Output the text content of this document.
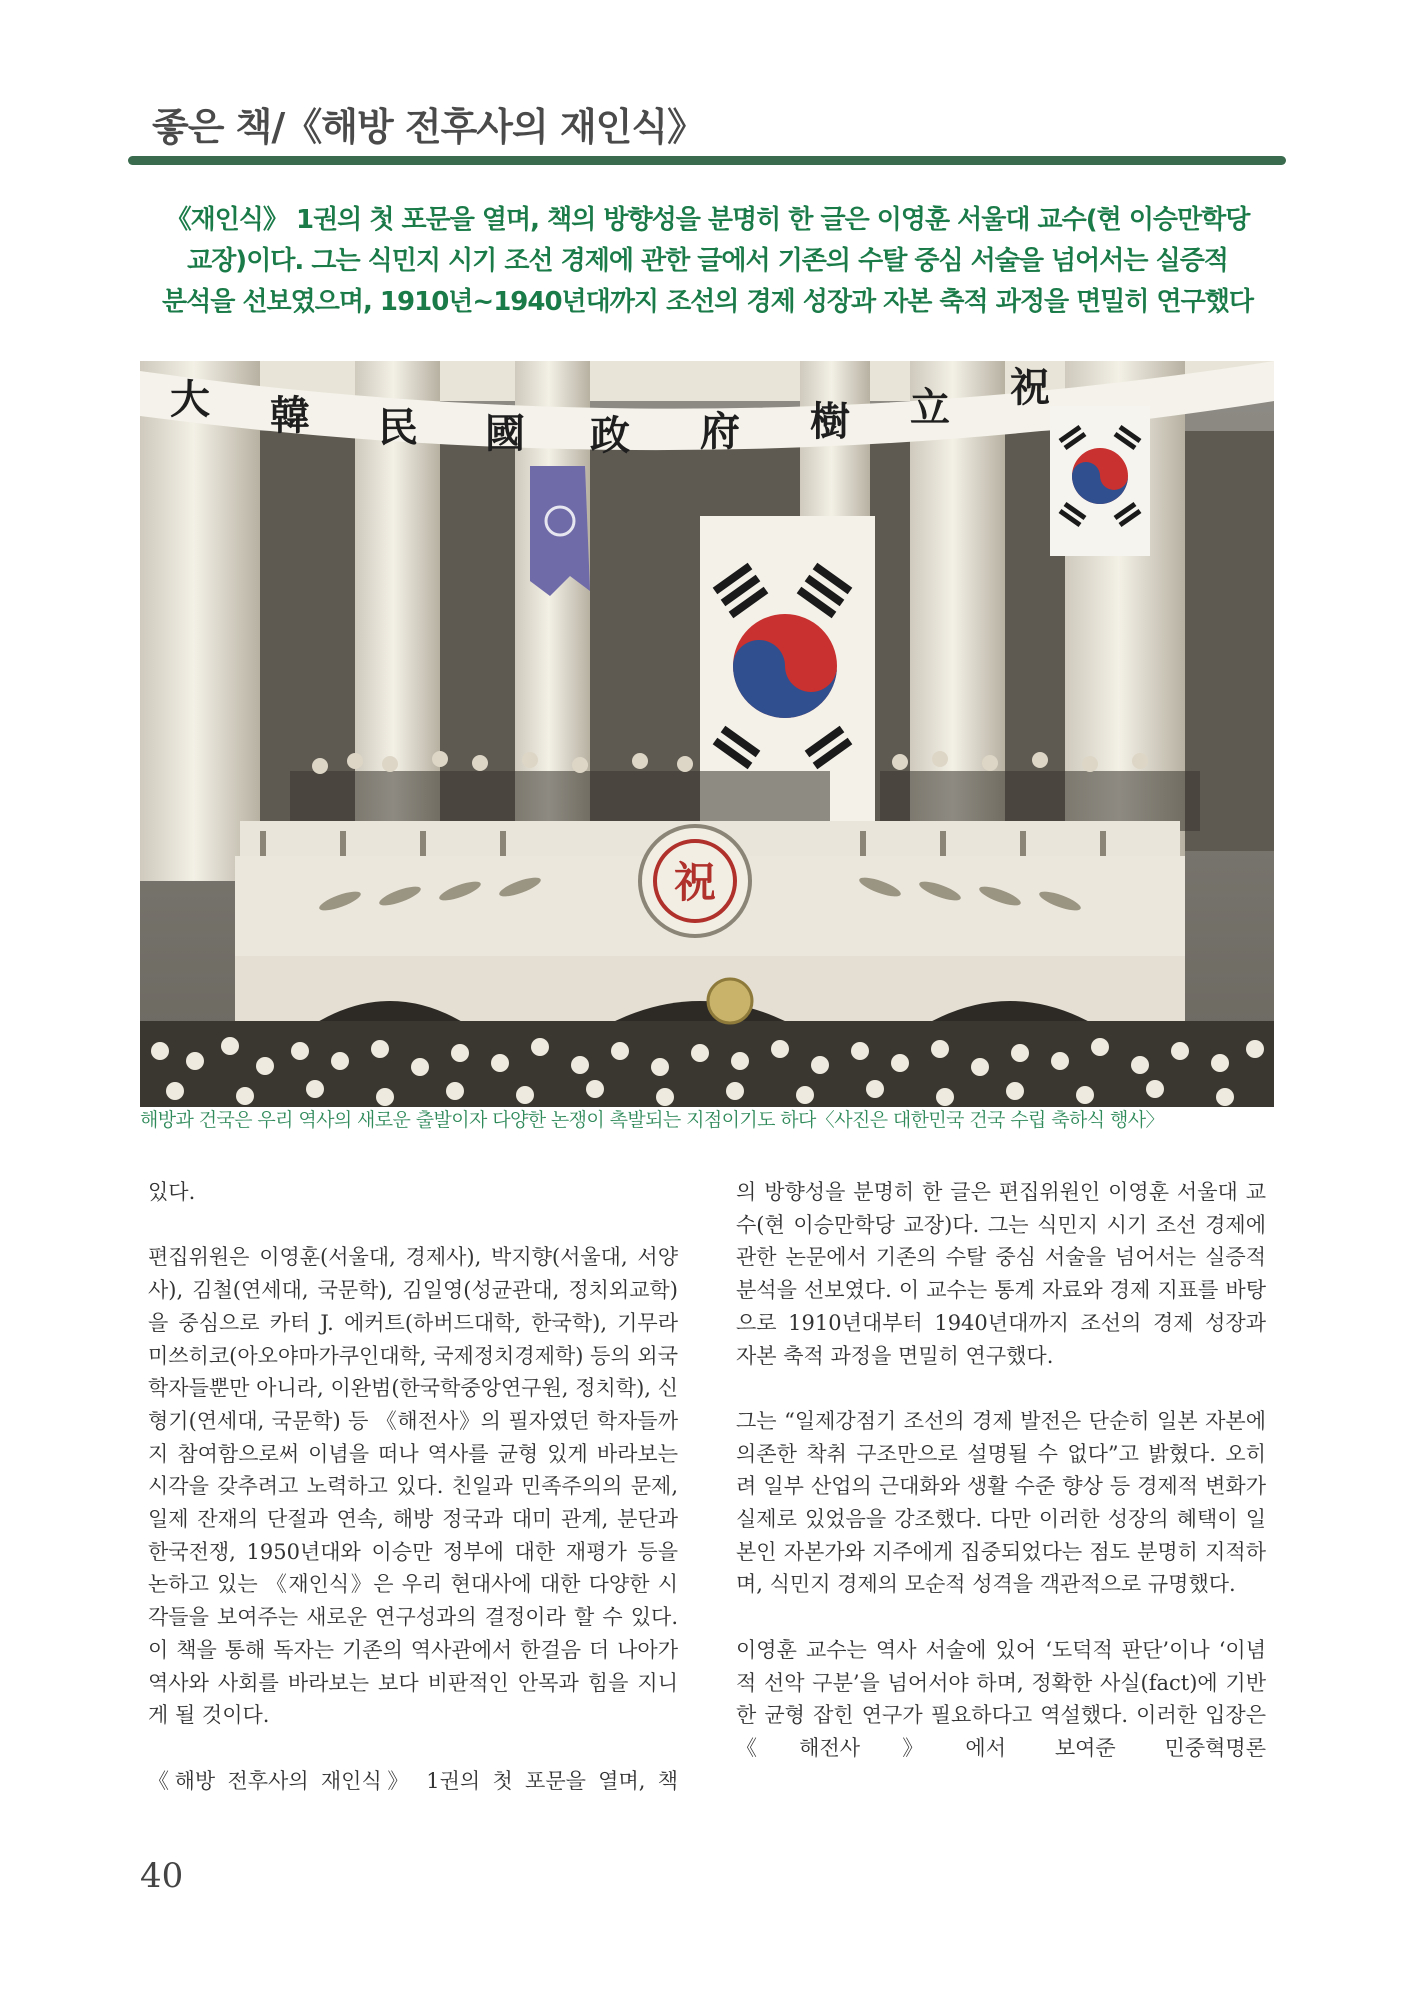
좋은 책/《해방 전후사의 재인식》
《재인식》 1권의 첫 포문을 열며, 책의 방향성을 분명히 한 글은 이영훈 서울대 교수(현 이승만학당
교장)이다. 그는 식민지 시기 조선 경제에 관한 글에서 기존의 수탈 중심 서술을 넘어서는 실증적
분석을 선보였으며, 1910년~1940년대까지 조선의 경제 성장과 자본 축적 과정을 면밀히 연구했다
大 韓 民 國 政 府 樹 立 祝
祝

해방과 건국은 우리 역사의 새로운 출발이자 다양한 논쟁이 촉발되는 지점이기도 하다〈사진은 대한민국 건국 수립 축하식 행사〉

있다.

편집위원은 이영훈(서울대, 경제사), 박지향(서울대, 서양사), 김철(연세대, 국문학), 김일영(성균관대, 정치외교학)을 중심으로 카터 J. 에커트(하버드대학, 한국학), 기무라 미쓰히코(아오야마가쿠인대학, 국제정치경제학) 등의 외국 학자들뿐만 아니라, 이완범(한국학중앙연구원, 정치학), 신형기(연세대, 국문학) 등 《해전사》의 필자였던 학자들까지 참여함으로써 이념을 떠나 역사를 균형 있게 바라보는 시각을 갖추려고 노력하고 있다. 친일과 민족주의의 문제, 일제 잔재의 단절과 연속, 해방 정국과 대미 관계, 분단과 한국전쟁, 1950년대와 이승만 정부에 대한 재평가 등을 논하고 있는 《재인식》은 우리 현대사에 대한 다양한 시각들을 보여주는 새로운 연구성과의 결정이라 할 수 있다. 이 책을 통해 독자는 기존의 역사관에서 한걸음 더 나아가 역사와 사회를 바라보는 보다 비판적인 안목과 힘을 지니게 될 것이다.

《해방 전후사의 재인식》 1권의 첫 포문을 열며, 책

의 방향성을 분명히 한 글은 편집위원인 이영훈 서울대 교수(현 이승만학당 교장)다. 그는 식민지 시기 조선 경제에 관한 논문에서 기존의 수탈 중심 서술을 넘어서는 실증적 분석을 선보였다. 이 교수는 통계 자료와 경제 지표를 바탕으로 1910년대부터 1940년대까지 조선의 경제 성장과 자본 축적 과정을 면밀히 연구했다.

그는 “일제강점기 조선의 경제 발전은 단순히 일본 자본에 의존한 착취 구조만으로 설명될 수 없다”고 밝혔다. 오히려 일부 산업의 근대화와 생활 수준 향상 등 경제적 변화가 실제로 있었음을 강조했다. 다만 이러한 성장의 혜택이 일본인 자본가와 지주에게 집중되었다는 점도 분명히 지적하며, 식민지 경제의 모순적 성격을 객관적으로 규명했다.

이영훈 교수는 역사 서술에 있어 ‘도덕적 판단’이나 ‘이념적 선악 구분’을 넘어서야 하며, 정확한 사실(fact)에 기반한 균형 잡힌 연구가 필요하다고 역설했다. 이러한 입장은 《해전사》에서 보여준 민중혁명론

40
